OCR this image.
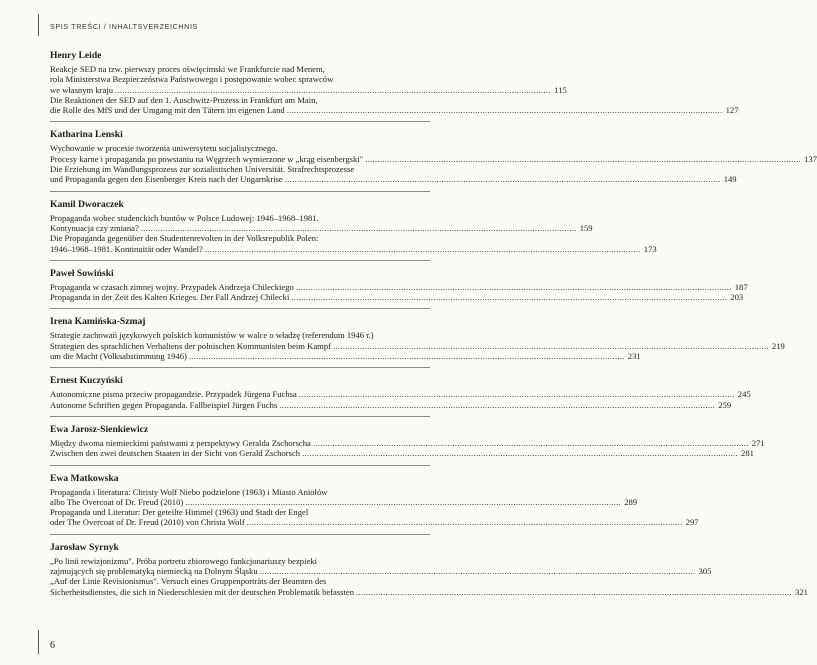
SPIS TREŚCI / INHALTSVERZEICHNIS
Henry Leide
Reakcje SED na tzw. pierwszy proces oświęcimski we Frankfurcie nad Menem,
rola Ministerstwa Bezpieczeństwa Państwowego i postępowanie wobec sprawców
we własnym kraju .....	115
Die Reaktionen der SED auf den 1. Auschwitz-Prozess in Frankfurt am Main,
die Rolle des MfS und der Umgang mit den Tätern im eigenen Land .....	127
Katharina Lenski
Wychowanie w procesie tworzenia uniwersytetu socjalistycznego.
Procesy karne i propaganda po powstaniu na Węgrzech wymierzone w „krąg eisenbergski" .....	137
Die Erziehung im Wandlungsprozess zur sozialistischen Universität. Strafrechtsprozesse
und Propaganda gegen den Eisenberger Kreis nach der Ungarnkrise .....	149
Kamil Dworaczek
Propaganda wobec studenckich buntów w Polsce Ludowej: 1946–1968–1981.
Kontynuacja czy zmiana? .....	159
Die Propaganda gegenüber den Studentenrevolten in der Volksrepublik Polen:
1946–1968–1981. Kontinuität oder Wandel? .....	173
Paweł Sowiński
Propaganda w czasach zimnej wojny. Przypadek Andrzeja Chileckiego .....	187
Propaganda in der Zeit des Kalten Krieges. Der Fall Andrzej Chilecki .....	203
Irena Kamińska-Szmaj
Strategie zachowań językowych polskich komunistów w walce o władzę (referendum 1946 r.)
Strategien des sprachlichen Verhaltens der polnischen Kommunisten beim Kampf .....	219
um die Macht (Volksabstimmung 1946) .....	231
Ernest Kuczyński
Autonomiczne pisma przeciw propagandzie. Przypadek Jürgena Fuchsa .....	245
Autonome Schriften gegen Propaganda. Fallbeispiel Jürgen Fuchs .....	259
Ewa Jarosz-Sienkiewicz
Między dwoma niemieckimi państwami z perspektywy Geralda Zschorscha .....	271
Zwischen den zwei deutschen Staaten in der Sicht von Gerald Zschorsch .....	281
Ewa Matkowska
Propaganda i literatura: Christy Wolf Niebo podzielone (1963) i Miasto Aniołów
albo The Overcoat of Dr. Freud (2010) .....	289
Propaganda und Literatur: Der geteilte Himmel (1963) und Stadt der Engel
oder The Overcoat of Dr. Freud (2010) von Christa Wolf .....	297
Jarosław Syrnyk
„Po linii rewizjonizmu". Próba portretu zbiorowego funkcjonariuszy bezpieki
zajmujących się problematyką niemiecką na Dolnym Śląsku .....	305
„Auf der Linie Revisionismus". Versuch eines Gruppenporträts der Beamten des
Sicherheitsdienstes, die sich in Niederschlesien mit der deutschen Problematik befassten .....	321
6
